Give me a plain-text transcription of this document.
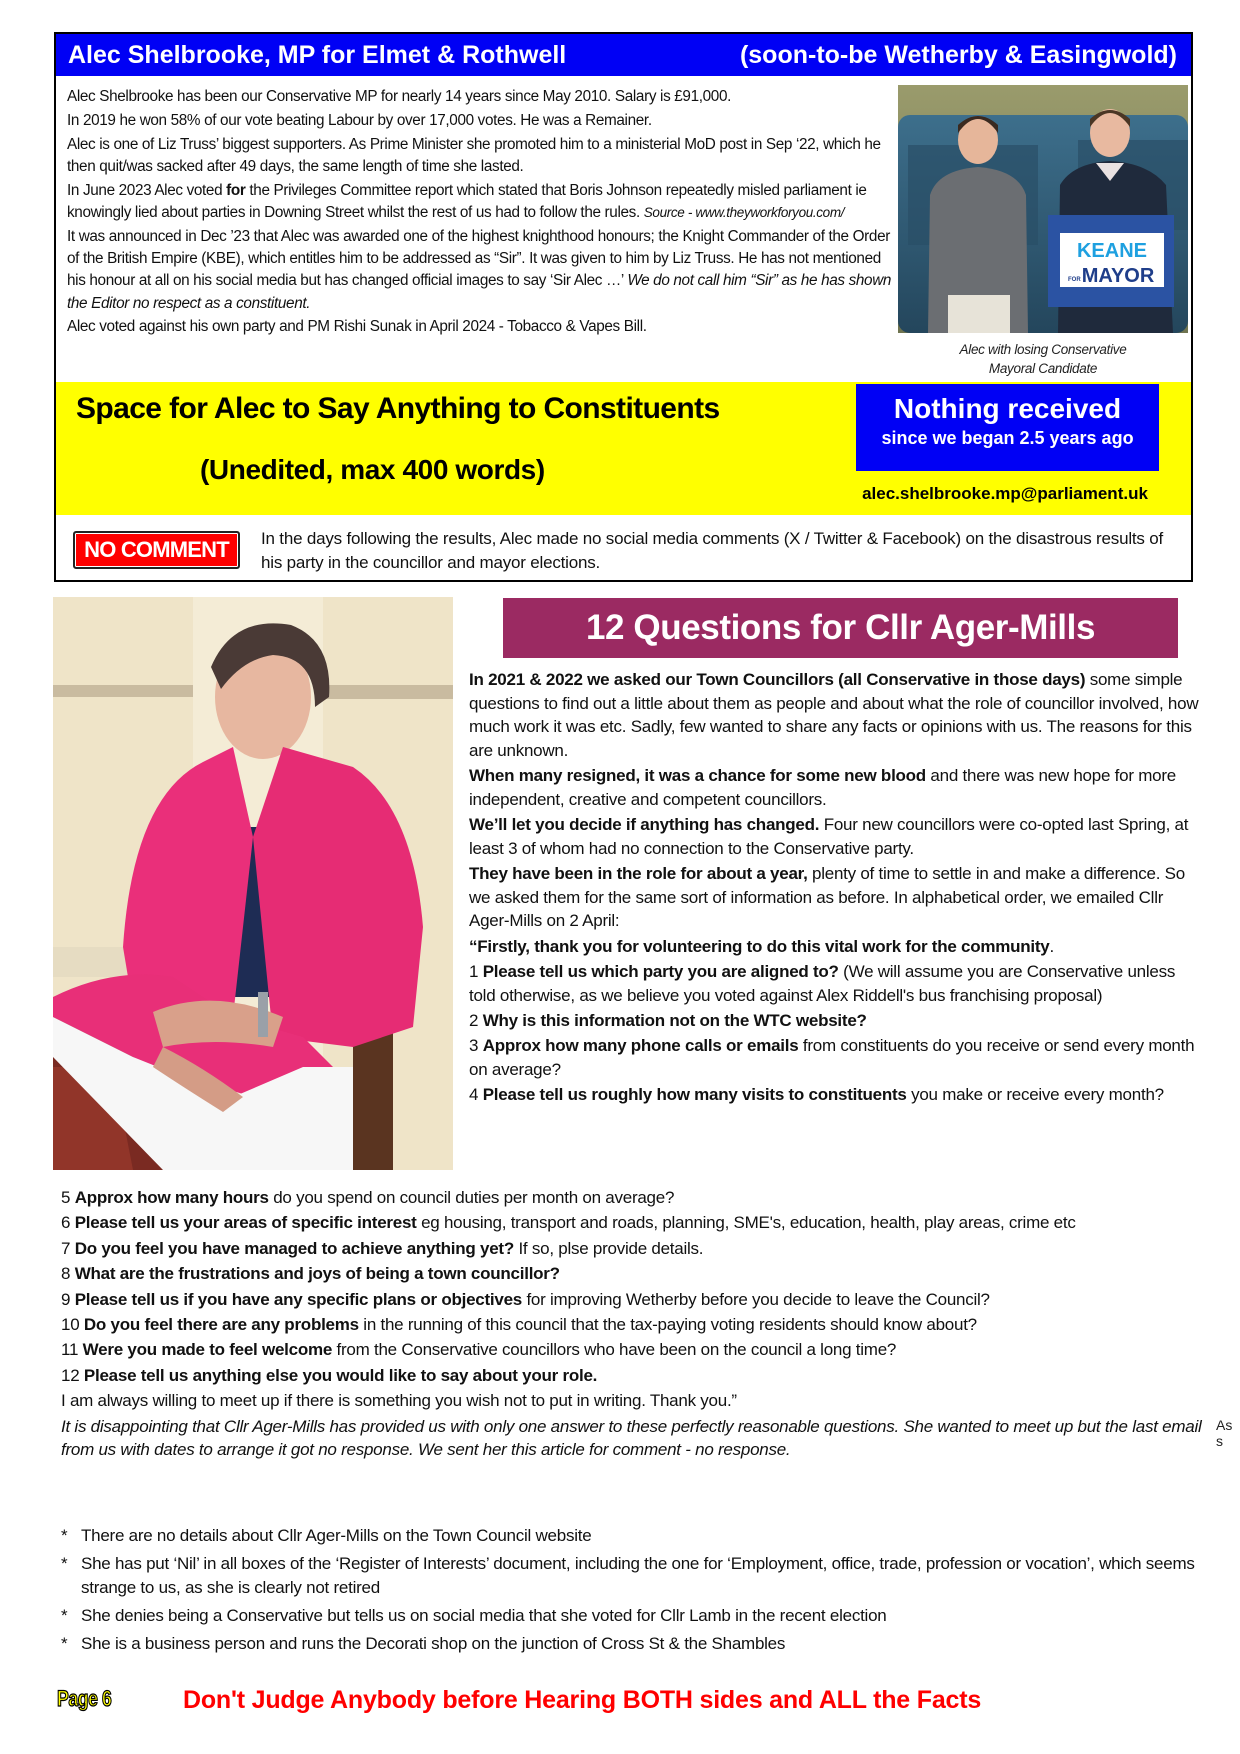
Alec Shelbrooke, MP for Elmet & Rothwell	(soon-to-be Wetherby & Easingwold)

Alec Shelbrooke has been our Conservative MP for nearly 14 years since May 2010. Salary is £91,000.

In 2019 he won 58% of our vote beating Labour by over 17,000 votes. He was a Remainer.

Alec is one of Liz Truss’ biggest supporters. As Prime Minister she promoted him to a ministerial MoD post in Sep ‘22, which he then quit/was sacked after 49 days, the same length of time she lasted.

In June 2023 Alec voted for the Privileges Committee report which stated that Boris Johnson repeatedly misled parliament ie knowingly lied about parties in Downing Street whilst the rest of us had to follow the rules. Source - www.theyworkforyou.com/

It was announced in Dec ’23 that Alec was awarded one of the highest knighthood honours; the Knight Commander of the Order of the British Empire (KBE), which entitles him to be addressed as “Sir”. It was given to him by Liz Truss. He has not mentioned his honour at all on his social media but has changed official images to say ‘Sir Alec …’ We do not call him “Sir” as he has shown the Editor no respect as a constituent.

Alec voted against his own party and PM Rishi Sunak in April 2024 - Tobacco & Vapes Bill.

KEANE
FOR MAYOR
Alec with losing Conservative
Mayoral Candidate
Space for Alec to Say Anything to Constituents
(Unedited, max 400 words)
Nothing received
since we began 2.5 years ago
alec.shelbrooke.mp@parliament.uk
NO COMMENT	In the days following the results, Alec made no social media comments (X / Twitter & Facebook) on the disastrous results of his party in the councillor and mayor elections.
12 Questions for Cllr Ager-Mills

In 2021 & 2022 we asked our Town Councillors (all Conservative in those days) some simple questions to find out a little about them as people and about what the role of councillor involved, how much work it was etc. Sadly, few wanted to share any facts or opinions with us. The reasons for this are unknown.

When many resigned, it was a chance for some new blood and there was new hope for more independent, creative and competent councillors.

We’ll let you decide if anything has changed. Four new councillors were co-opted last Spring, at least 3 of whom had no connection to the Conservative party.

They have been in the role for about a year, plenty of time to settle in and make a difference. So we asked them for the same sort of information as before. In alphabetical order, we emailed Cllr Ager-Mills on 2 April:

“Firstly, thank you for volunteering to do this vital work for the community.

1 Please tell us which party you are aligned to? (We will assume you are Conservative unless told otherwise, as we believe you voted against Alex Riddell's bus franchising proposal)

2 Why is this information not on the WTC website?

3 Approx how many phone calls or emails from constituents do you receive or send every month on average?

4 Please tell us roughly how many visits to constituents you make or receive every month?

5 Approx how many hours do you spend on council duties per month on average?

6 Please tell us your areas of specific interest eg housing, transport and roads, planning, SME's, education, health, play areas, crime etc

7 Do you feel you have managed to achieve anything yet? If so, plse provide details.

8 What are the frustrations and joys of being a town councillor?

9 Please tell us if you have any specific plans or objectives for improving Wetherby before you decide to leave the Council?

10 Do you feel there are any problems in the running of this council that the tax-paying voting residents should know about?

11 Were you made to feel welcome from the Conservative councillors who have been on the council a long time?

12 Please tell us anything else you would like to say about your role.

I am always willing to meet up if there is something you wish not to put in writing. Thank you.”

It is disappointing that Cllr Ager-Mills has provided us with only one answer to these perfectly reasonable questions. She wanted to meet up but the last email from us with dates to arrange it got no response. We sent her this article for comment - no response.

* There are no details about Cllr Ager-Mills on the Town Council website
* She has put ‘Nil’ in all boxes of the ‘Register of Interests’ document, including the one for ‘Employment, office, trade, profession or vocation’, which seems strange to us, as she is clearly not retired
* She denies being a Conservative but tells us on social media that she voted for Cllr Lamb in the recent election
* She is a business person and runs the Decorati shop on the junction of Cross St & the Shambles
As s
Page 6	Don't Judge Anybody before Hearing BOTH sides and ALL the Facts
